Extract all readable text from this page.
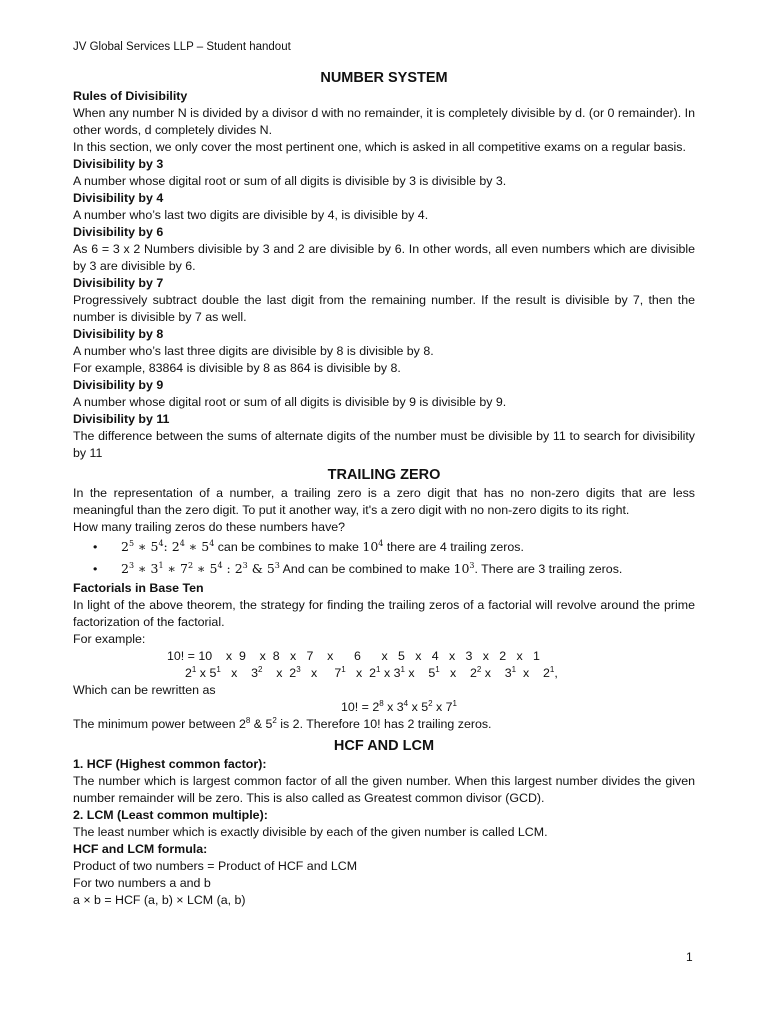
JV Global Services LLP – Student handout
NUMBER SYSTEM

Rules of Divisibility

When any number N is divided by a divisor d with no remainder, it is completely divisible by d. (or 0 remainder). In other words, d completely divides N.

In this section, we only cover the most pertinent one, which is asked in all competitive exams on a regular basis.

Divisibility by 3

A number whose digital root or sum of all digits is divisible by 3 is divisible by 3.

Divisibility by 4

A number who’s last two digits are divisible by 4, is divisible by 4.

Divisibility by 6

As 6 = 3 x 2 Numbers divisible by 3 and 2 are divisible by 6. In other words, all even numbers which are divisible by 3 are divisible by 6.

Divisibility by 7

Progressively subtract double the last digit from the remaining number. If the result is divisible by 7, then the number is divisible by 7 as well.

Divisibility by 8

A number who’s last three digits are divisible by 8 is divisible by 8.

For example, 83864 is divisible by 8 as 864 is divisible by 8.

Divisibility by 9

A number whose digital root or sum of all digits is divisible by 9 is divisible by 9.

Divisibility by 11

The difference between the sums of alternate digits of the number must be divisible by 11 to search for divisibility by 11

TRAILING ZERO

In the representation of a number, a trailing zero is a zero digit that has no non-zero digits that are less meaningful than the zero digit. To put it another way, it's a zero digit with no non-zero digits to its right.

How many trailing zeros do these numbers have?

• $2^5$ ∗ $5^4$: $2^4$ ∗ $5^4$ can be combines to make $10^4$ there are 4 trailing zeros.
• $2^3$ ∗ $3^1$ ∗ $7^2$ ∗ $5^4$ : $2^3$ & $5^3$ And can be combined to make $10^3$. There are 3 trailing zeros.

Factorials in Base Ten

In light of the above theorem, the strategy for finding the trailing zeros of a factorial will revolve around the prime factorization of the factorial.

For example:

10! = 10    x  9    x  8   x   7    x      6      x   5   x   4   x   3   x   2   x   1

$2^1$ x $5^1$   x    $3^2$    x  $2^3$   x     $7^1$   x  $2^1$ x $3^1$ x    $5^1$   x    $2^2$ x    $3^1$  x    $2^1$,

Which can be rewritten as

10! = $2^8$ x $3^4$ x $5^2$ x $7^1$

The minimum power between $2^8$ & $5^2$ is 2. Therefore 10! has 2 trailing zeros.

HCF AND LCM

1. HCF (Highest common factor):

The number which is largest common factor of all the given number. When this largest number divides the given number remainder will be zero. This is also called as Greatest common divisor (GCD).

2. LCM (Least common multiple):

The least number which is exactly divisible by each of the given number is called LCM.

HCF and LCM formula:

Product of two numbers = Product of HCF and LCM

For two numbers a and b

a × b = HCF (a, b) × LCM (a, b)

1
